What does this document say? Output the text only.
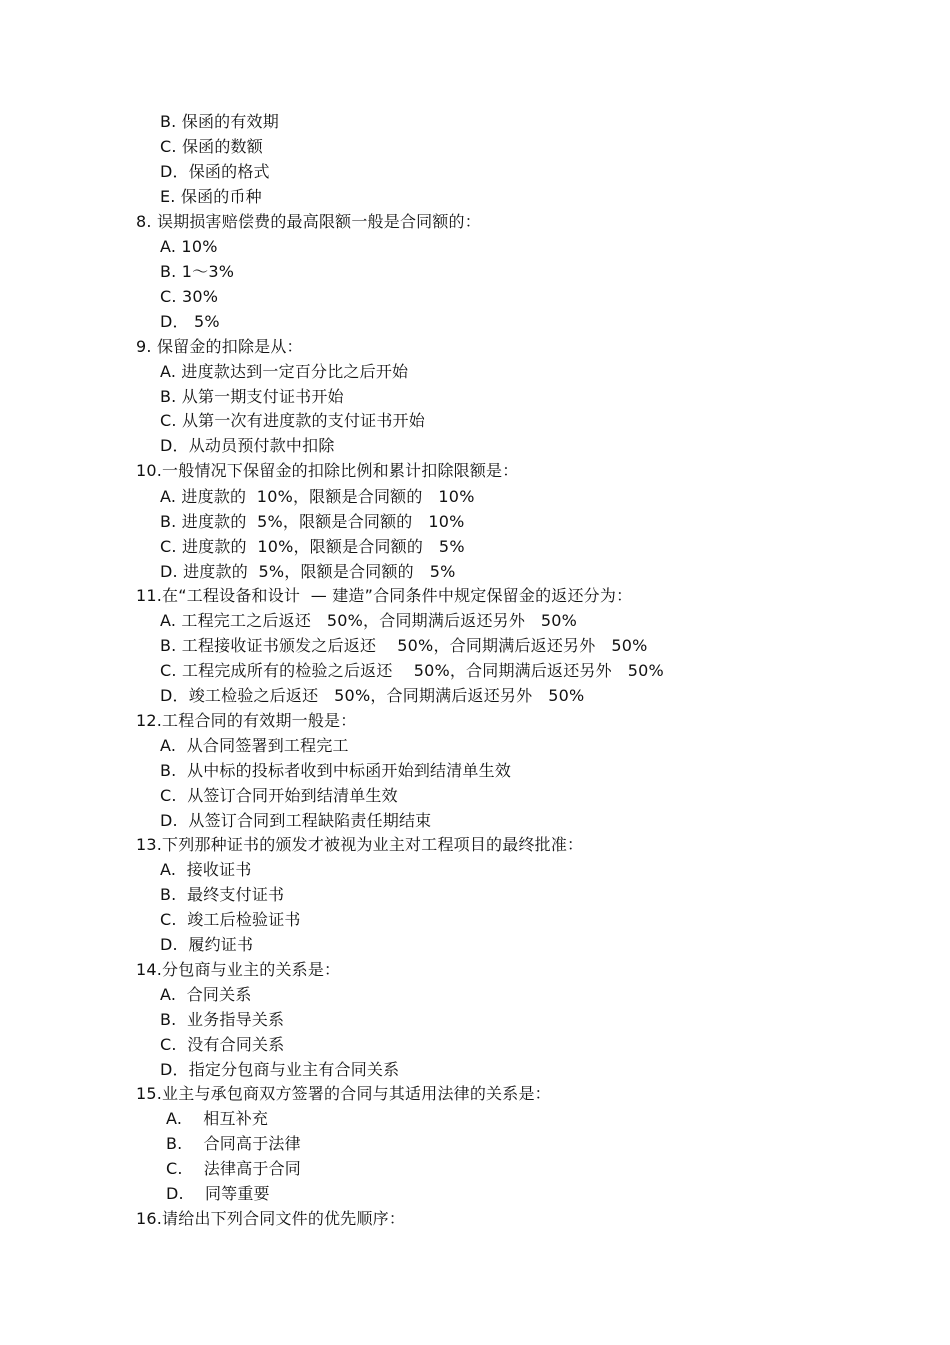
B. 保函的有效期
C. 保函的数额
D．保函的格式
E. 保函的币种
8. 误期损害赔偿费的最高限额一般是合同额的：
A. 10%
B. 1～3%
C. 30%
D． 5%
9. 保留金的扣除是从：
A. 进度款达到一定百分比之后开始
B. 从第一期支付证书开始
C. 从第一次有进度款的支付证书开始
D．从动员预付款中扣除
10.一般情况下保留金的扣除比例和累计扣除限额是：
A. 进度款的  10%，限额是合同额的   10%
B. 进度款的  5%，限额是合同额的   10%
C. 进度款的  10%，限额是合同额的   5%
D. 进度款的  5%，限额是合同额的   5%
11.在“工程设备和设计  — 建造”合同条件中规定保留金的返还分为：
A. 工程完工之后返还   50%，合同期满后返还另外   50%
B. 工程接收证书颁发之后返还    50%，合同期满后返还另外   50%
C. 工程完成所有的检验之后返还    50%，合同期满后返还另外   50%
D．竣工检验之后返还   50%，合同期满后返还另外   50%
12.工程合同的有效期一般是：
A.  从合同签署到工程完工
B.  从中标的投标者收到中标函开始到结清单生效
C.  从签订合同开始到结清单生效
D.  从签订合同到工程缺陷责任期结束
13.下列那种证书的颁发才被视为业主对工程项目的最终批准：
A.  接收证书
B.  最终支付证书
C.  竣工后检验证书
D.  履约证书
14.分包商与业主的关系是：
A.  合同关系
B.  业务指导关系
C.  没有合同关系
D．指定分包商与业主有合同关系
15.业主与承包商双方签署的合同与其适用法律的关系是：
A.    相互补充
B.    合同高于法律
C.    法律高于合同
D.    同等重要
16.请给出下列合同文件的优先顺序：
